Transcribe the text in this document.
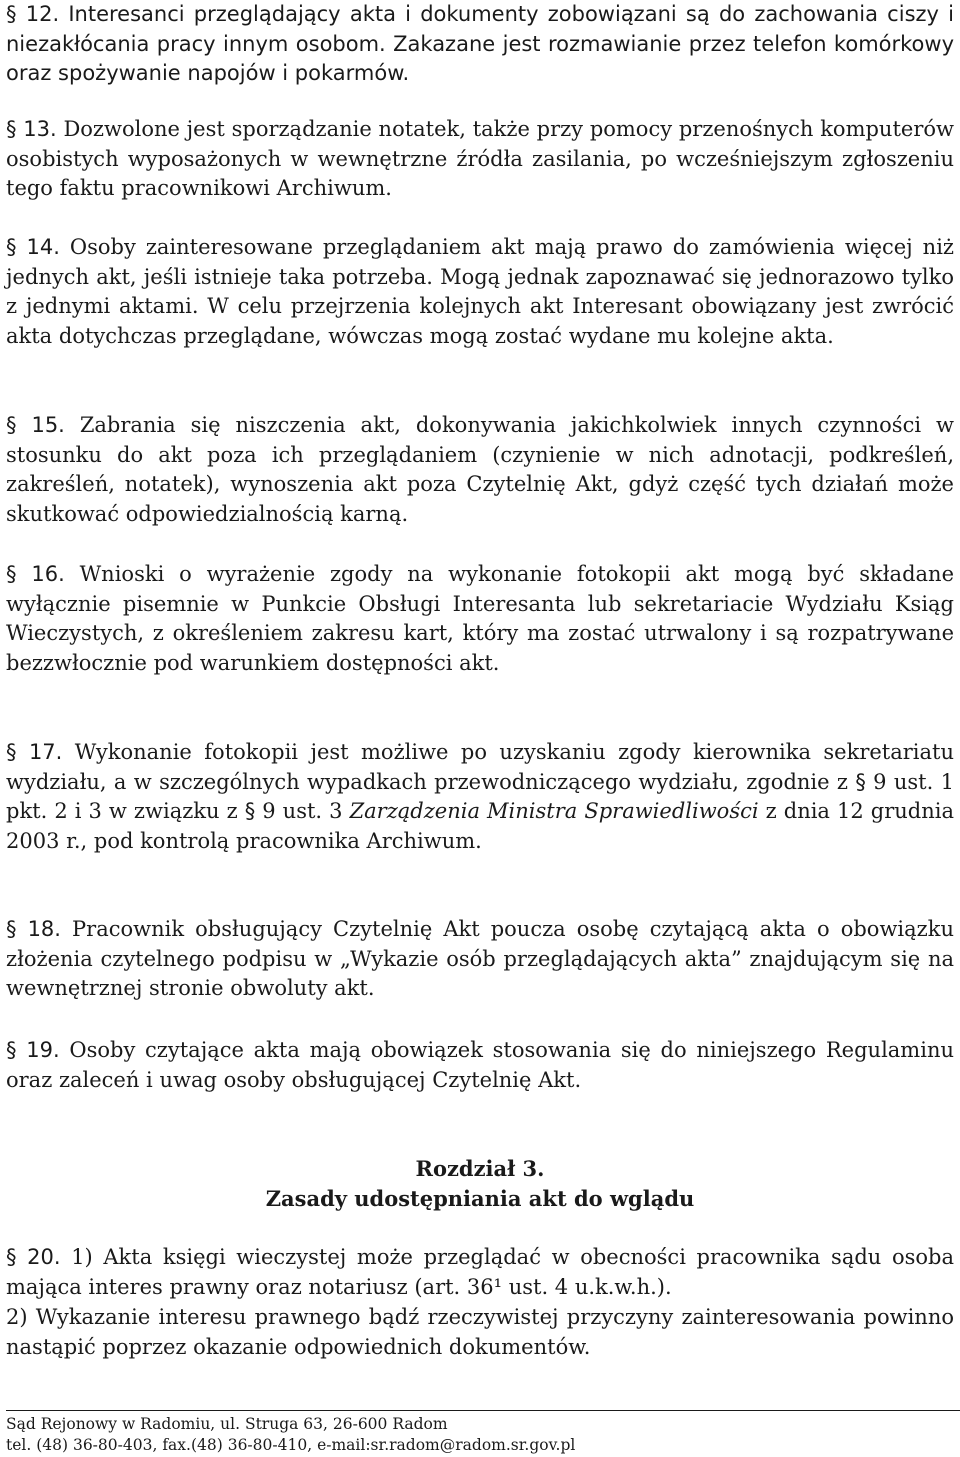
§ 12. Interesanci przeglądający akta i dokumenty zobowiązani są do zachowania ciszy i niezakłócania pracy innym osobom. Zakazane jest rozmawianie przez telefon komórkowy oraz spożywanie napojów i pokarmów.

§ 13. Dozwolone jest sporządzanie notatek, także przy pomocy przenośnych komputerów osobistych wyposażonych w wewnętrzne źródła zasilania, po wcześniejszym zgłoszeniu tego faktu pracownikowi Archiwum.

§ 14. Osoby zainteresowane przeglądaniem akt mają prawo do zamówienia więcej niż jednych akt, jeśli istnieje taka potrzeba. Mogą jednak zapoznawać się jednorazowo tylko z jednymi aktami. W celu przejrzenia kolejnych akt Interesant obowiązany jest zwrócić akta dotychczas przeglądane, wówczas mogą zostać wydane mu kolejne akta.

§ 15. Zabrania się niszczenia akt, dokonywania jakichkolwiek innych czynności w stosunku do akt poza ich przeglądaniem (czynienie w nich adnotacji, podkreśleń, zakreśleń, notatek), wynoszenia akt poza Czytelnię Akt, gdyż część tych działań może skutkować odpowiedzialnością karną.

§ 16. Wnioski o wyrażenie zgody na wykonanie fotokopii akt mogą być składane wyłącznie pisemnie w Punkcie Obsługi Interesanta lub sekretariacie Wydziału Ksiąg Wieczystych, z określeniem zakresu kart, który ma zostać utrwalony i są rozpatrywane bezzwłocznie pod warunkiem dostępności akt.

§ 17. Wykonanie fotokopii jest możliwe po uzyskaniu zgody kierownika sekretariatu wydziału, a w szczególnych wypadkach przewodniczącego wydziału, zgodnie z § 9 ust. 1 pkt. 2 i 3 w związku z § 9 ust. 3 Zarządzenia Ministra Sprawiedliwości z dnia 12 grudnia 2003 r., pod kontrolą pracownika Archiwum.

§ 18. Pracownik obsługujący Czytelnię Akt poucza osobę czytającą akta o obowiązku złożenia czytelnego podpisu w „Wykazie osób przeglądających akta” znajdującym się na wewnętrznej stronie obwoluty akt.

§ 19. Osoby czytające akta mają obowiązek stosowania się do niniejszego Regulaminu oraz zaleceń i uwag osoby obsługującej Czytelnię Akt.

Rozdział 3.

Zasady udostępniania akt do wglądu

§ 20. 1) Akta księgi wieczystej może przeglądać w obecności pracownika sądu osoba mająca interes prawny oraz notariusz (art. 36¹ ust. 4 u.k.w.h.).

2) Wykazanie interesu prawnego bądź rzeczywistej przyczyny zainteresowania powinno nastąpić poprzez okazanie odpowiednich dokumentów.

Sąd Rejonowy w Radomiu, ul. Struga 63, 26-600 Radom

tel. (48) 36-80-403, fax.(48) 36-80-410, e-mail:sr.radom@radom.sr.gov.pl
